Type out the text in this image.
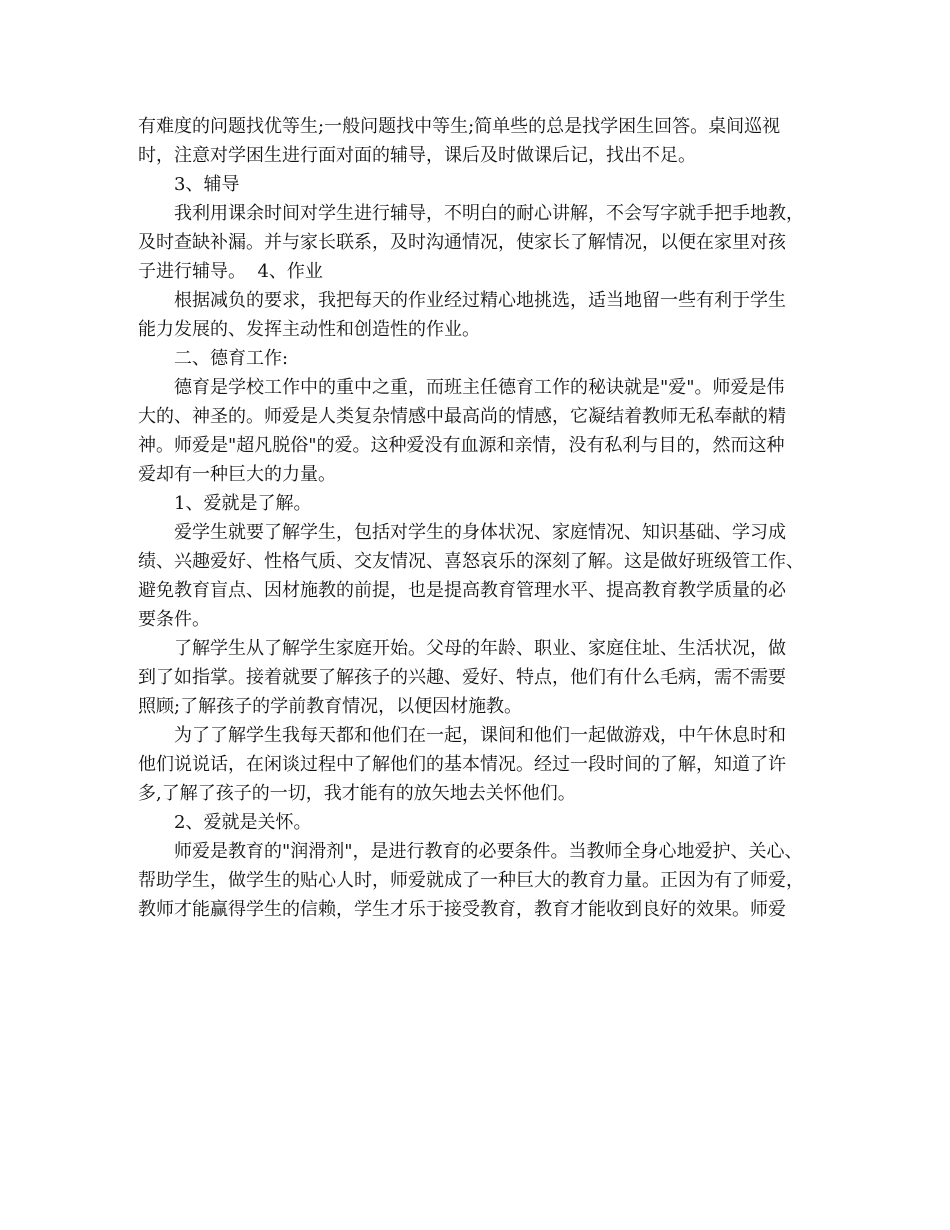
有难度的问题找优等生;一般问题找中等生;简单些的总是找学困生回答。桌间巡视
时，注意对学困生进行面对面的辅导，课后及时做课后记，找出不足。
3、辅导
我利用课余时间对学生进行辅导，不明白的耐心讲解，不会写字就手把手地教，
及时查缺补漏。并与家长联系，及时沟通情况，使家长了解情况，以便在家里对孩
子进行辅导。  4、作业
根据减负的要求，我把每天的作业经过精心地挑选，适当地留一些有利于学生
能力发展的、发挥主动性和创造性的作业。
二、德育工作:
德育是学校工作中的重中之重，而班主任德育工作的秘诀就是"爱"。师爱是伟
大的、神圣的。师爱是人类复杂情感中最高尚的情感，它凝结着教师无私奉献的精
神。师爱是"超凡脱俗"的爱。这种爱没有血源和亲情，没有私利与目的，然而这种
爱却有一种巨大的力量。
1、爱就是了解。
爱学生就要了解学生，包括对学生的身体状况、家庭情况、知识基础、学习成
绩、兴趣爱好、性格气质、交友情况、喜怒哀乐的深刻了解。这是做好班级管工作、
避免教育盲点、因材施教的前提，也是提高教育管理水平、提高教育教学质量的必
要条件。
了解学生从了解学生家庭开始。父母的年龄、职业、家庭住址、生活状况，做
到了如指掌。接着就要了解孩子的兴趣、爱好、特点，他们有什么毛病，需不需要
照顾;了解孩子的学前教育情况，以便因材施教。
为了了解学生我每天都和他们在一起，课间和他们一起做游戏，中午休息时和
他们说说话，在闲谈过程中了解他们的基本情况。经过一段时间的了解，知道了许
多,了解了孩子的一切，我才能有的放矢地去关怀他们。
2、爱就是关怀。
师爱是教育的"润滑剂"，是进行教育的必要条件。当教师全身心地爱护、关心、
帮助学生，做学生的贴心人时，师爱就成了一种巨大的教育力量。正因为有了师爱，
教师才能赢得学生的信赖，学生才乐于接受教育，教育才能收到良好的效果。师爱
